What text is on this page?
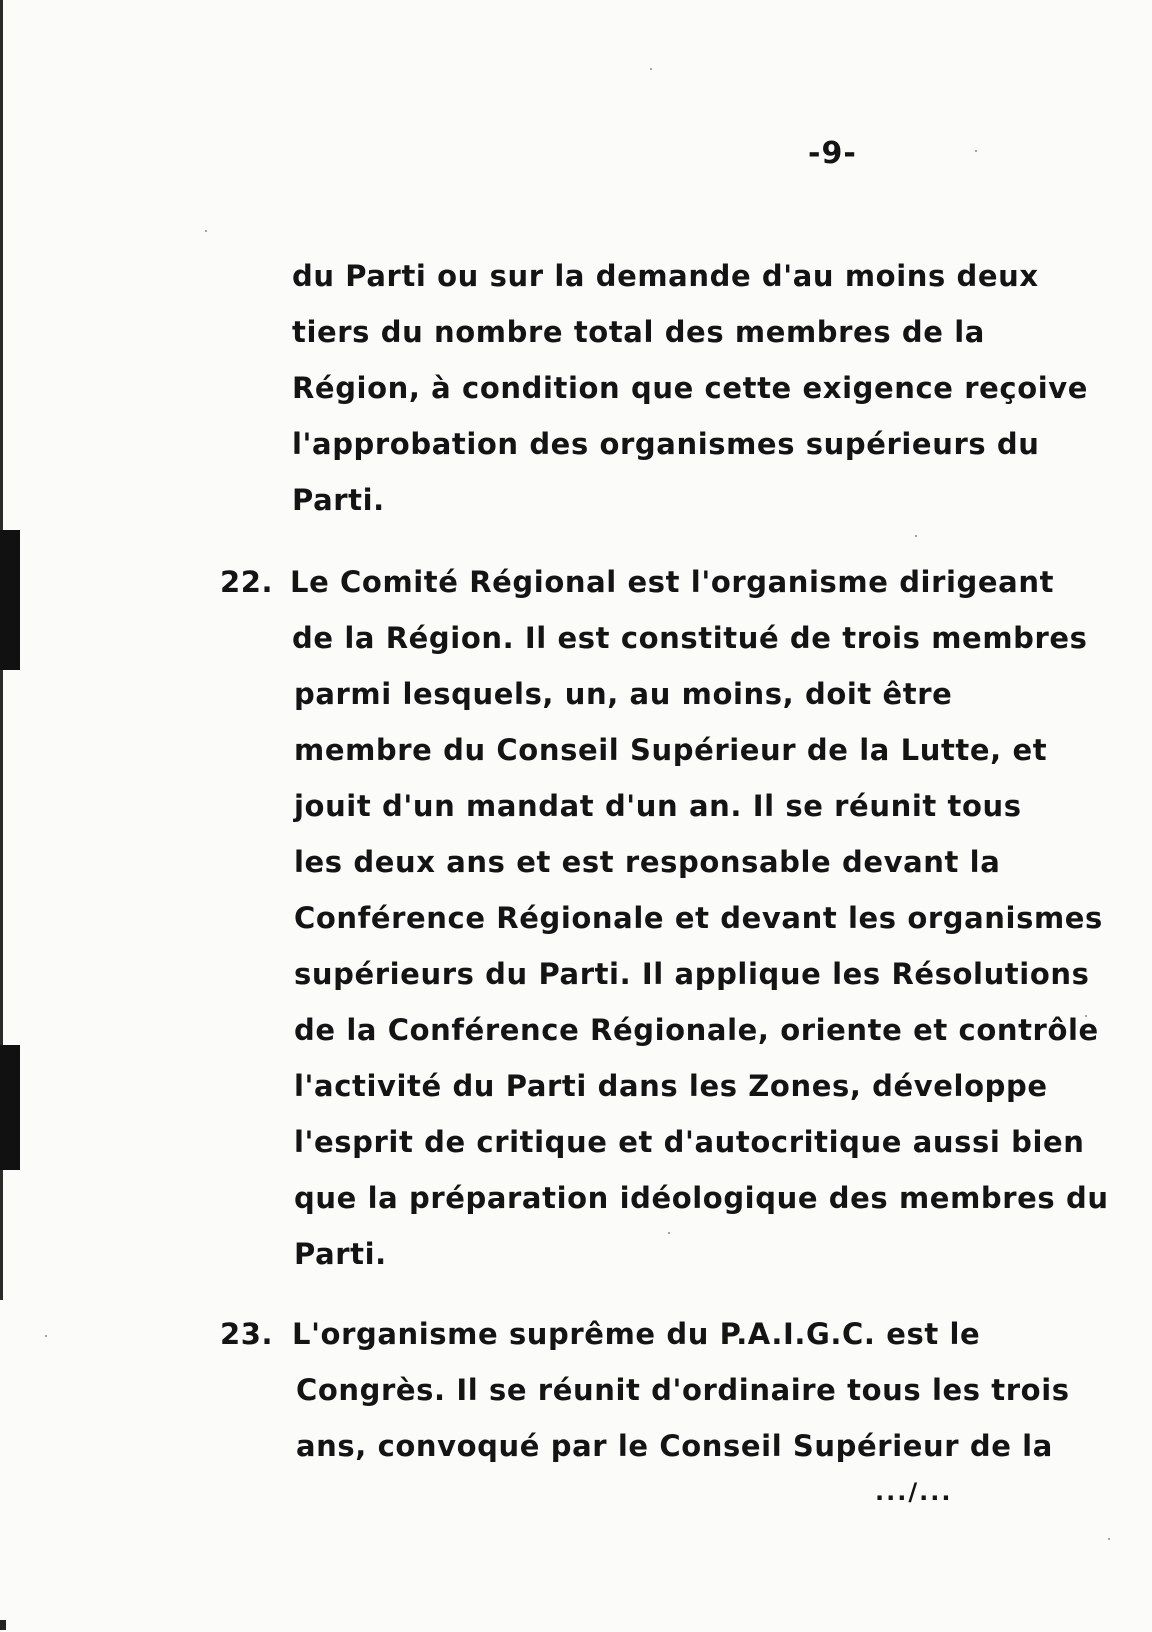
-9-
du Parti ou sur la demande d'au moins deux
tiers du nombre total des membres de la
Région, à condition que cette exigence reçoive
l'approbation des organismes supérieurs du
Parti.
22. Le Comité Régional est l'organisme dirigeant
de la Région. Il est constitué de trois membres
parmi lesquels, un, au moins, doit être
membre du Conseil Supérieur de la Lutte, et
jouit d'un mandat d'un an. Il se réunit tous
les deux ans et est responsable devant la
Conférence Régionale et devant les organismes
supérieurs du Parti. Il applique les Résolutions
de la Conférence Régionale, oriente et contrôle
l'activité du Parti dans les Zones, développe
l'esprit de critique et d'autocritique aussi bien
que la préparation idéologique des membres du
Parti.
23. L'organisme suprême du P.A.I.G.C. est le
Congrès. Il se réunit d'ordinaire tous les trois
ans, convoqué par le Conseil Supérieur de la
.../...
